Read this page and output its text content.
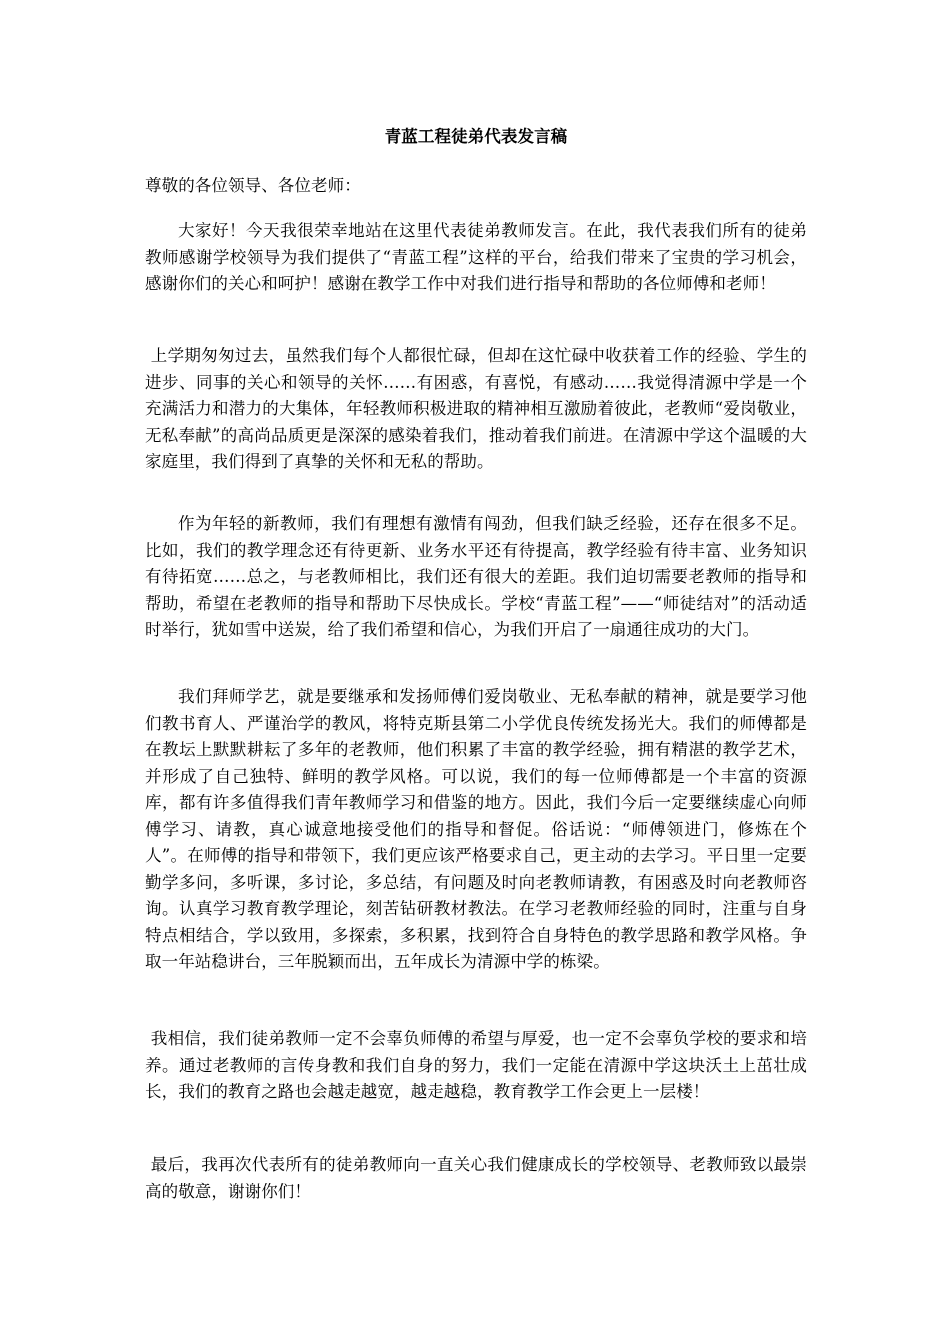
青蓝工程徒弟代表发言稿

尊敬的各位领导、各位老师：

大家好！今天我很荣幸地站在这里代表徒弟教师发言。在此，我代表我们所有的徒弟教师感谢学校领导为我们提供了“青蓝工程”这样的平台，给我们带来了宝贵的学习机会，感谢你们的关心和呵护！感谢在教学工作中对我们进行指导和帮助的各位师傅和老师！

上学期匆匆过去，虽然我们每个人都很忙碌，但却在这忙碌中收获着工作的经验、学生的进步、同事的关心和领导的关怀……有困惑，有喜悦，有感动……我觉得清源中学是一个充满活力和潜力的大集体，年轻教师积极进取的精神相互激励着彼此，老教师“爱岗敬业，无私奉献”的高尚品质更是深深的感染着我们，推动着我们前进。在清源中学这个温暖的大家庭里，我们得到了真挚的关怀和无私的帮助。

作为年轻的新教师，我们有理想有激情有闯劲，但我们缺乏经验，还存在很多不足。比如，我们的教学理念还有待更新、业务水平还有待提高，教学经验有待丰富、业务知识有待拓宽……总之，与老教师相比，我们还有很大的差距。我们迫切需要老教师的指导和帮助，希望在老教师的指导和帮助下尽快成长。学校“青蓝工程”——“师徒结对”的活动适时举行，犹如雪中送炭，给了我们希望和信心，为我们开启了一扇通往成功的大门。

我们拜师学艺，就是要继承和发扬师傅们爱岗敬业、无私奉献的精神，就是要学习他们教书育人、严谨治学的教风，将特克斯县第二小学优良传统发扬光大。我们的师傅都是在教坛上默默耕耘了多年的老教师，他们积累了丰富的教学经验，拥有精湛的教学艺术，并形成了自己独特、鲜明的教学风格。可以说，我们的每一位师傅都是一个丰富的资源库，都有许多值得我们青年教师学习和借鉴的地方。因此，我们今后一定要继续虚心向师傅学习、请教，真心诚意地接受他们的指导和督促。俗话说：“师傅领进门，修炼在个人”。在师傅的指导和带领下，我们更应该严格要求自己，更主动的去学习。平日里一定要勤学多问，多听课，多讨论，多总结，有问题及时向老教师请教，有困惑及时向老教师咨询。认真学习教育教学理论，刻苦钻研教材教法。在学习老教师经验的同时，注重与自身特点相结合，学以致用，多探索，多积累，找到符合自身特色的教学思路和教学风格。争取一年站稳讲台，三年脱颖而出，五年成长为清源中学的栋梁。

我相信，我们徒弟教师一定不会辜负师傅的希望与厚爱，也一定不会辜负学校的要求和培养。通过老教师的言传身教和我们自身的努力，我们一定能在清源中学这块沃土上茁壮成长，我们的教育之路也会越走越宽，越走越稳，教育教学工作会更上一层楼！

最后，我再次代表所有的徒弟教师向一直关心我们健康成长的学校领导、老教师致以最崇高的敬意，谢谢你们！
